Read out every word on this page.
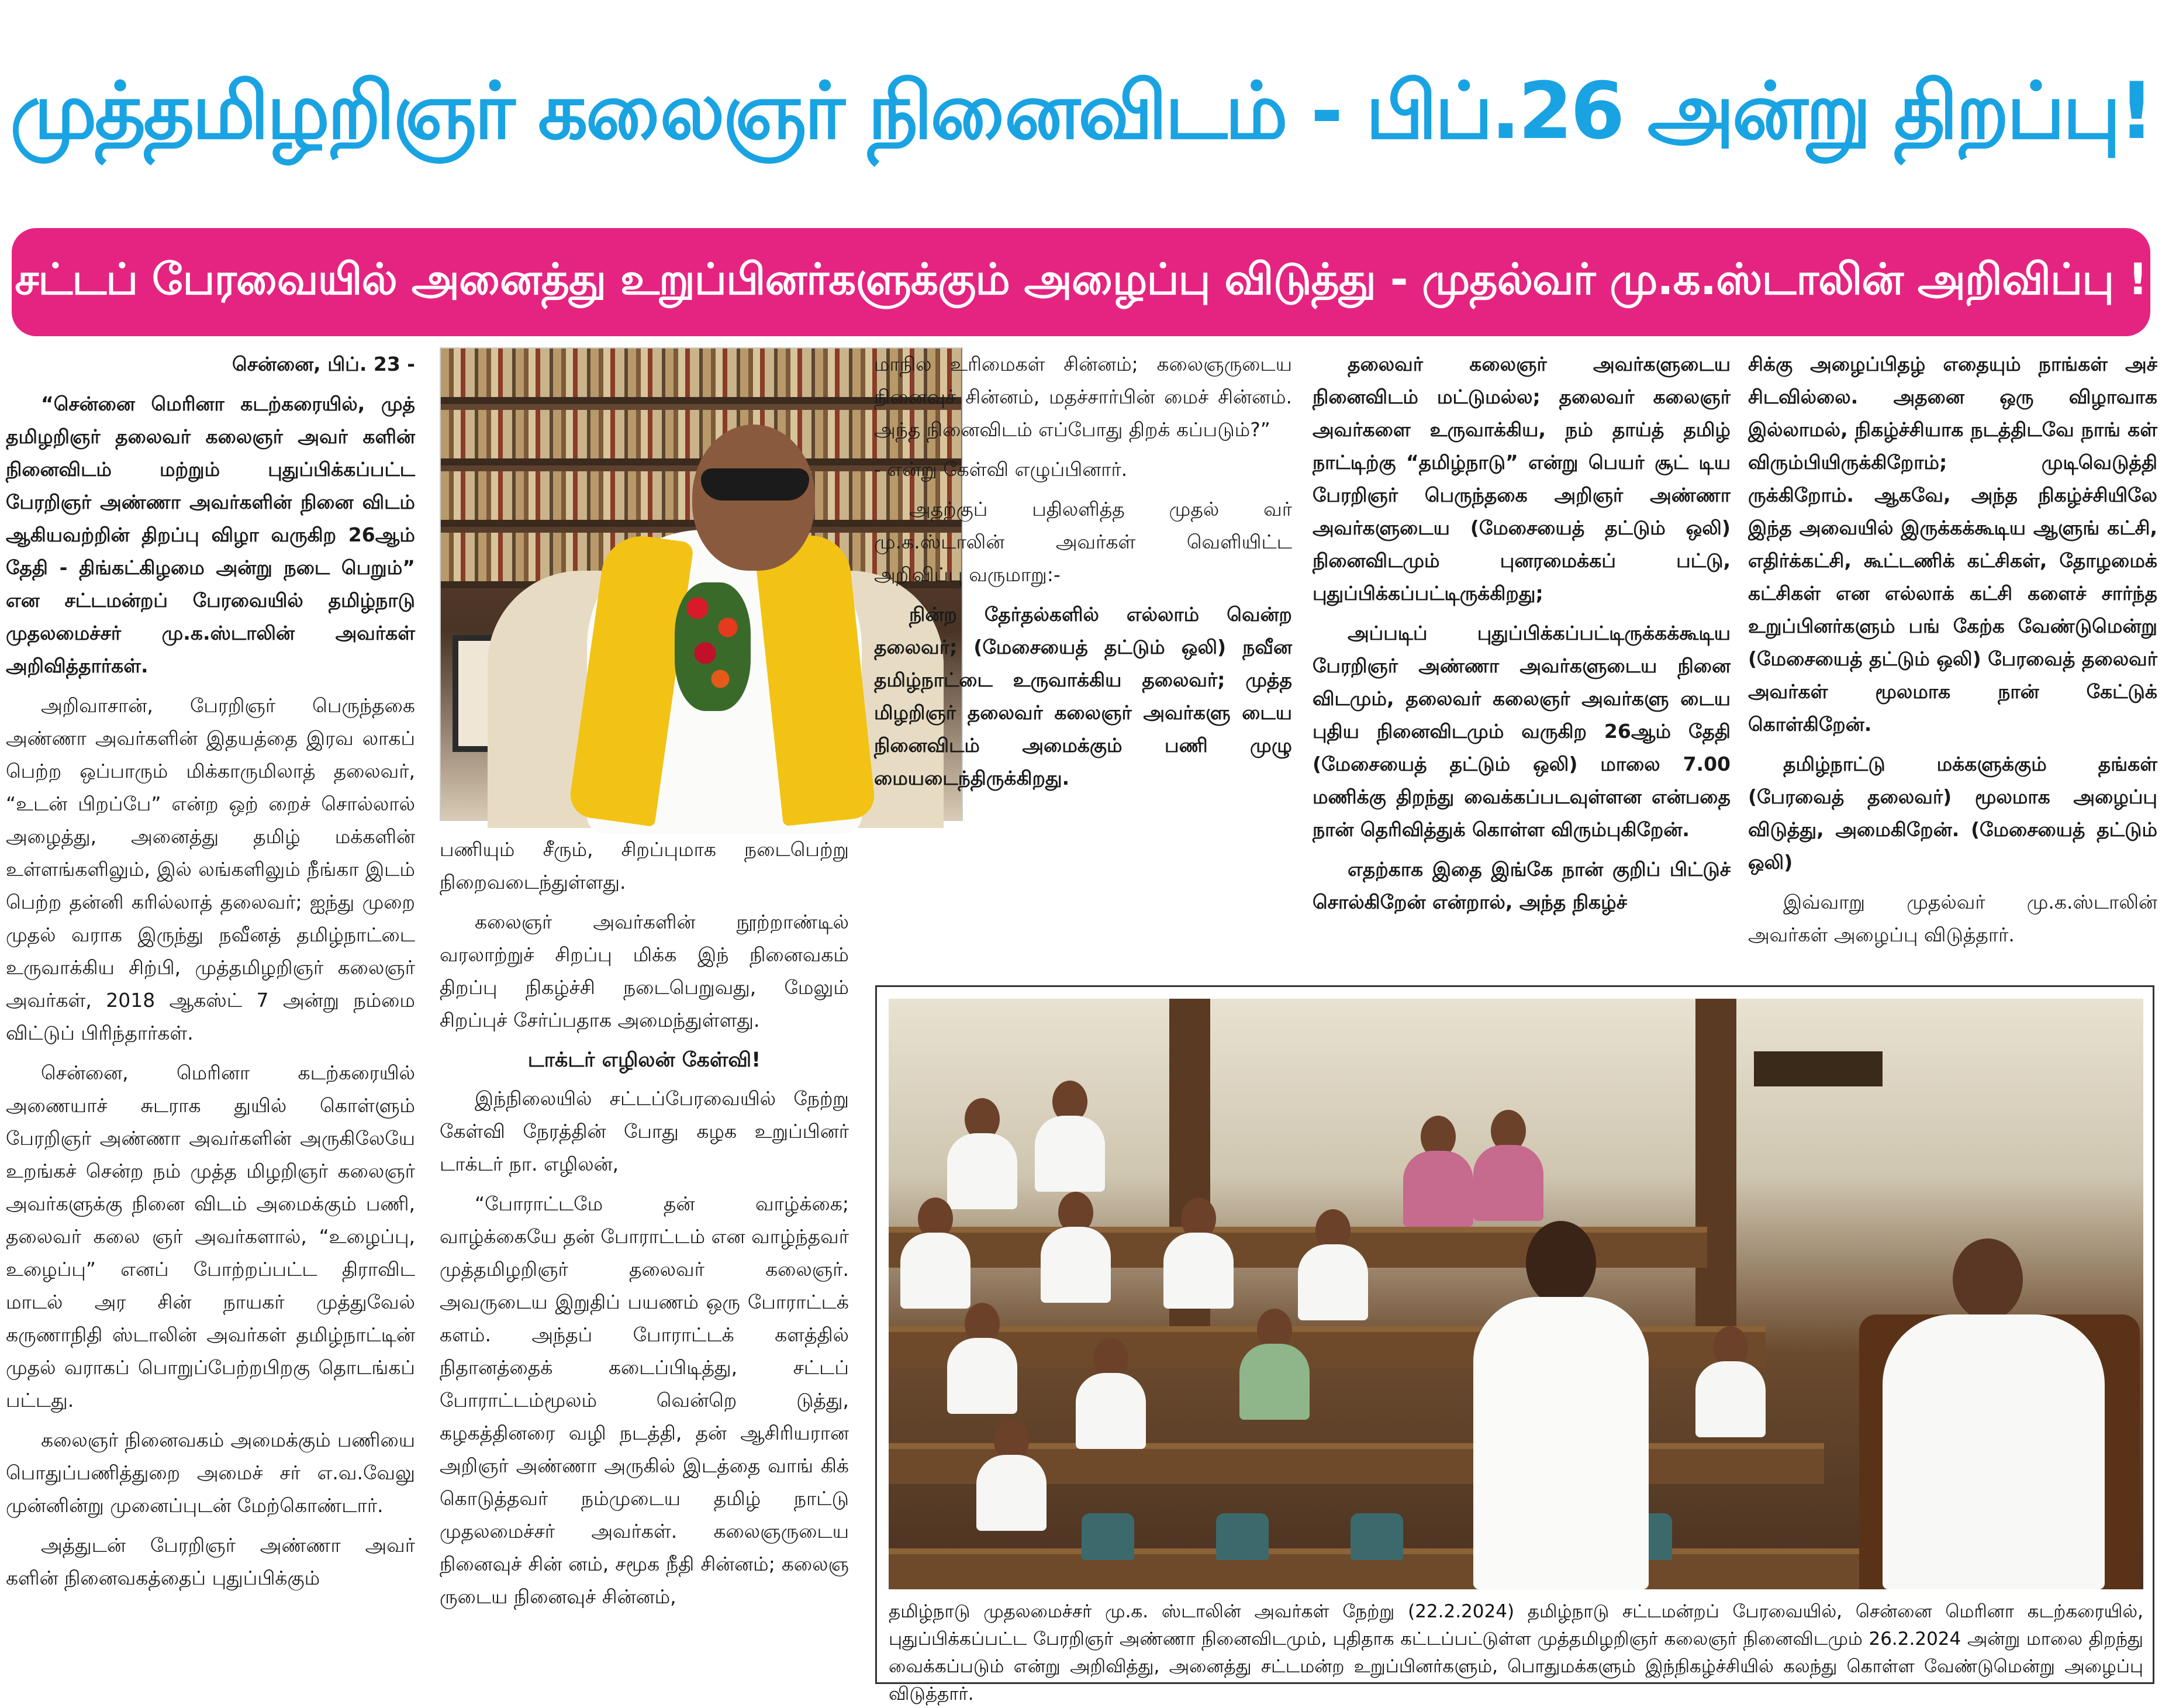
முத்தமிழறிஞர் கலைஞர் நினைவிடம் - பிப்.26 அன்று திறப்பு!
சட்டப் பேரவையில் அனைத்து உறுப்பினர்களுக்கும் அழைப்பு விடுத்து - முதல்வர் மு.க.ஸ்டாலின் அறிவிப்பு !

சென்னை, பிப். 23 -

“சென்னை மெரினா கடற்கரையில், முத் தமிழறிஞர் தலைவர் கலைஞர் அவர் களின் நினைவிடம் மற்றும் புதுப்பிக்கப்பட்ட பேரறிஞர் அண்ணா அவர்களின் நினை விடம் ஆகியவற்றின் திறப்பு விழா வருகிற 26ஆம் தேதி - திங்கட்கிழமை அன்று நடை பெறும்” என சட்டமன்றப் பேரவையில் தமிழ்நாடு முதலமைச்சர் மு.க.ஸ்டாலின் அவர்கள் அறிவித்தார்கள்.

அறிவாசான், பேரறிஞர் பெருந்தகை அண்ணா அவர்களின் இதயத்தை இரவ லாகப் பெற்ற ஒப்பாரும் மிக்காருமிலாத் தலைவர், “உடன் பிறப்பே” என்ற ஒற் றைச் சொல்லால் அழைத்து, அனைத்து தமிழ் மக்களின் உள்ளங்களிலும், இல் லங்களிலும் நீங்கா இடம் பெற்ற தன்னி கரில்லாத் தலைவர்; ஐந்து முறை முதல் வராக இருந்து நவீனத் தமிழ்நாட்டை உருவாக்கிய சிற்பி, முத்தமிழறிஞர் கலைஞர் அவர்கள், 2018 ஆகஸ்ட் 7 அன்று நம்மை விட்டுப் பிரிந்தார்கள்.

சென்னை, மெரினா கடற்கரையில் அணையாச் சுடராக துயில் கொள்ளும் பேரறிஞர் அண்ணா அவர்களின் அருகிலேயே உறங்கச் சென்ற நம் முத்த மிழறிஞர் கலைஞர் அவர்களுக்கு நினை விடம் அமைக்கும் பணி, தலைவர் கலை ஞர் அவர்களால், “உழைப்பு, உழைப்பு” எனப் போற்றப்பட்ட திராவிட மாடல் அர சின் நாயகர் முத்துவேல் கருணாநிதி ஸ்டாலின் அவர்கள் தமிழ்நாட்டின் முதல் வராகப் பொறுப்பேற்றபிறகு தொடங்கப் பட்டது.

கலைஞர் நினைவகம் அமைக்கும் பணியை பொதுப்பணித்துறை அமைச் சர் எ.வ.வேலு முன்னின்று முனைப்புடன் மேற்கொண்டார்.

அத்துடன் பேரறிஞர் அண்ணா அவர் களின் நினைவகத்தைப் புதுப்பிக்கும்

பணியும் சீரும், சிறப்புமாக நடைபெற்று நிறைவடைந்துள்ளது.

கலைஞர் அவர்களின் நூற்றாண்டில் வரலாற்றுச் சிறப்பு மிக்க இந் நினைவகம் திறப்பு நிகழ்ச்சி நடைபெறுவது, மேலும் சிறப்புச் சேர்ப்பதாக அமைந்துள்ளது.

டாக்டர் எழிலன் கேள்வி!

இந்நிலையில் சட்டப்பேரவையில் நேற்று கேள்வி நேரத்தின் போது கழக உறுப்பினர் டாக்டர் நா. எழிலன்,

“போராட்டமே தன் வாழ்க்கை; வாழ்க்கையே தன் போராட்டம் என வாழ்ந்தவர் முத்தமிழறிஞர் தலைவர் கலைஞர். அவருடைய இறுதிப் பயணம் ஒரு போராட்டக் களம். அந்தப் போராட்டக் களத்தில் நிதானத்தைக் கடைப்பிடித்து, சட்டப் போராட்டம்மூலம் வென்றெ டுத்து, கழகத்தினரை வழி நடத்தி, தன் ஆசிரியரான அறிஞர் அண்ணா அருகில் இடத்தை வாங் கிக் கொடுத்தவர் நம்முடைய தமிழ் நாட்டு முதலமைச்சர் அவர்கள். கலைஞருடைய நினைவுச் சின் னம், சமூக நீதி சின்னம்; கலைஞ ருடைய நினைவுச் சின்னம்,

மாநில உரிமைகள் சின்னம்; கலைஞருடைய நினைவுச் சின்னம், மதச்சார்பின் மைச் சின்னம். அந்த நினைவிடம் எப்போது திறக் கப்படும்?”

- என்று கேள்வி எழுப்பினார்.

அதற்குப் பதிலளித்த முதல் வர் மு.க.ஸ்டாலின் அவர்கள் வெளியிட்ட அறிவிப்பு வருமாறு:-

நின்ற தேர்தல்களில் எல்லாம் வென்ற தலைவர்; (மேசையைத் தட்டும் ஒலி) நவீன தமிழ்நாட்டை உருவாக்கிய தலைவர்; முத்த மிழறிஞர் தலைவர் கலைஞர் அவர்களு டைய நினைவிடம் அமைக்கும் பணி முழு மையடைந்திருக்கிறது.

தலைவர் கலைஞர் அவர்களுடைய நினைவிடம் மட்டுமல்ல; தலைவர் கலைஞர் அவர்களை உருவாக்கிய, நம் தாய்த் தமிழ் நாட்டிற்கு “தமிழ்நாடு” என்று பெயர் சூட் டிய பேரறிஞர் பெருந்தகை அறிஞர் அண்ணா அவர்களுடைய (மேசையைத் தட்டும் ஒலி) நினைவிடமும் புனரமைக்கப் பட்டு, புதுப்பிக்கப்பட்டிருக்கிறது;

அப்படிப் புதுப்பிக்கப்பட்டிருக்கக்கூடிய பேரறிஞர் அண்ணா அவர்களுடைய நினை விடமும், தலைவர் கலைஞர் அவர்களு டைய புதிய நினைவிடமும் வருகிற 26ஆம் தேதி (மேசையைத் தட்டும் ஒலி) மாலை 7.00 மணிக்கு திறந்து வைக்கப்படவுள்ளன என்பதை நான் தெரிவித்துக் கொள்ள விரும்புகிறேன்.

எதற்காக இதை இங்கே நான் குறிப் பிட்டுச் சொல்கிறேன் என்றால், அந்த நிகழ்ச்

சிக்கு அழைப்பிதழ் எதையும் நாங்கள் அச் சிடவில்லை. அதனை ஒரு விழாவாக இல்லாமல், நிகழ்ச்சியாக நடத்திடவே நாங் கள் விரும்பியிருக்கிறோம்; முடிவெடுத்தி ருக்கிறோம். ஆகவே, அந்த நிகழ்ச்சியிலே இந்த அவையில் இருக்கக்கூடிய ஆளுங் கட்சி, எதிர்க்கட்சி, கூட்டணிக் கட்சிகள், தோழமைக் கட்சிகள் என எல்லாக் கட்சி களைச் சார்ந்த உறுப்பினர்களும் பங் கேற்க வேண்டுமென்று (மேசையைத் தட்டும் ஒலி) பேரவைத் தலைவர் அவர்கள் மூலமாக நான் கேட்டுக் கொள்கிறேன்.

தமிழ்நாட்டு மக்களுக்கும் தங்கள் (பேரவைத் தலைவர்) மூலமாக அழைப்பு விடுத்து, அமைகிறேன். (மேசையைத் தட்டும் ஒலி)

இவ்வாறு முதல்வர் மு.க.ஸ்டாலின் அவர்கள் அழைப்பு விடுத்தார்.

தமிழ்நாடு முதலமைச்சர் மு.க. ஸ்டாலின் அவர்கள் நேற்று (22.2.2024) தமிழ்நாடு சட்டமன்றப் பேரவையில், சென்னை மெரினா கடற்கரையில், புதுப்பிக்கப்பட்ட பேரறிஞர் அண்ணா நினைவிடமும், புதிதாக கட்டப்பட்டுள்ள முத்தமிழறிஞர் கலைஞர் நினைவிடமும் 26.2.2024 அன்று மாலை திறந்து வைக்கப்படும் என்று அறிவித்து, அனைத்து சட்டமன்ற உறுப்பினர்களும், பொதுமக்களும் இந்நிகழ்ச்சியில் கலந்து கொள்ள வேண்டுமென்று அழைப்பு விடுத்தார்.
